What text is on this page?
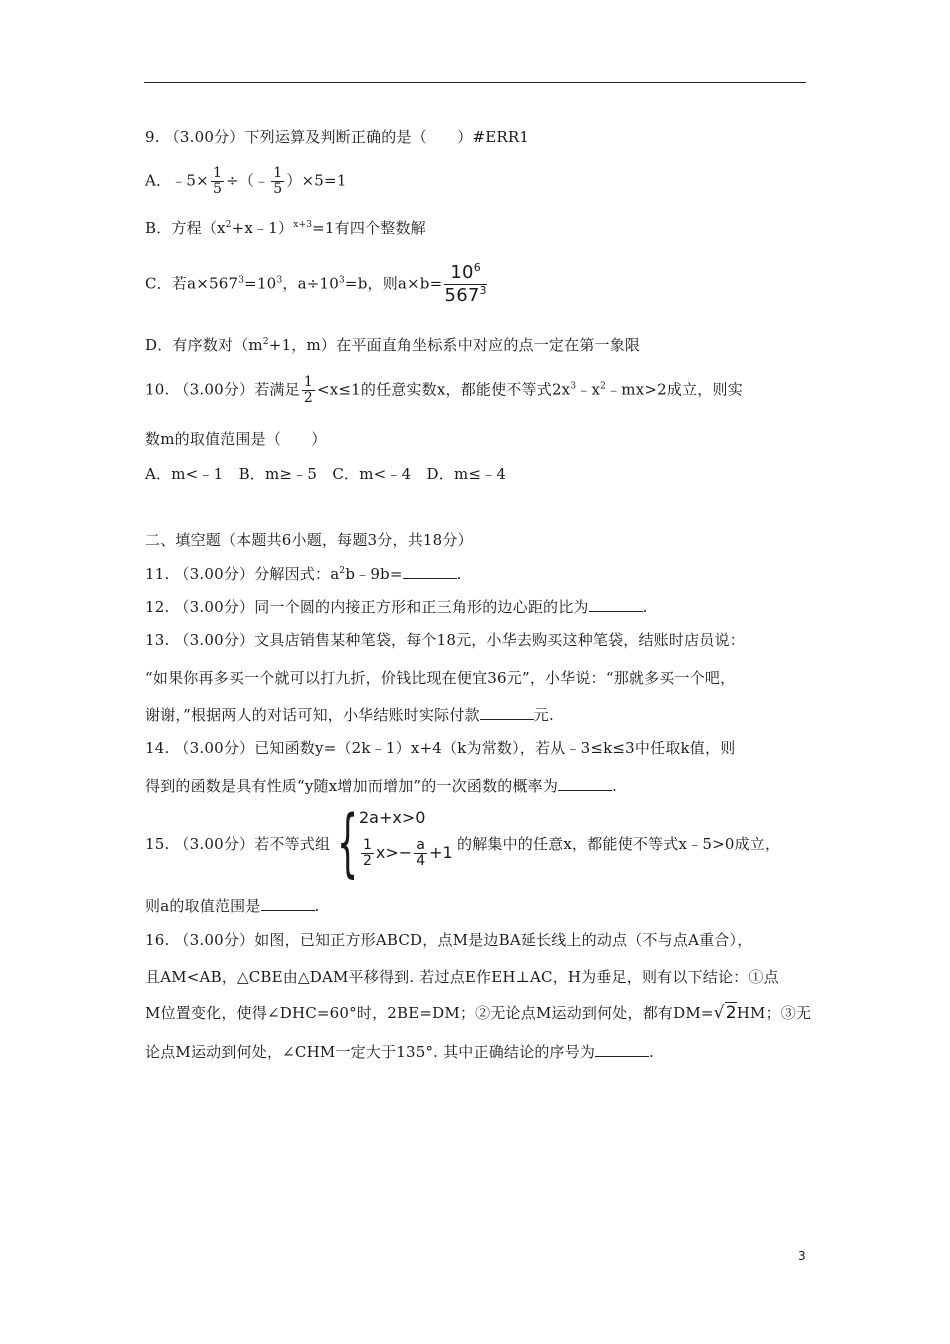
9. （3.00分）下列运算及判断正确的是（　　）#ERR1
A．﹣5× $\frac{1}{5}$ ÷（﹣ $\frac{1}{5} )\times 5=1$
B．方程$(x^2+x﹣1)^{x+3}=1$有四个整数解
C．若$a\times 567^3=10^3$，$a\div 10^3=b$，则$a\times b= \frac{10^6}{567^3}$
D．有序数对（$m^2+1$，m）在平面直角坐标系中对应的点一定在第一象限
10. （3.00分）若满足 $\frac{1}{2} <x\le 1$的任意实数x，都能使不等式$2x^3﹣x^2﹣mx>2$成立，则实
数m的取值范围是（　　）
A．m<﹣1　B．m≥﹣5　C．m<﹣4　D．m≤﹣4
二、填空题（本题共6小题，每题3分，共18分）
11. （3.00分）分解因式：$a^2b﹣9b=$	.
12. （3.00分）同一个圆的内接正方形和正三角形的边心距的比为	.
13. （3.00分）文具店销售某种笔袋，每个18元，小华去购买这种笔袋，结账时店员说：
“如果你再多买一个就可以打九折，价钱比现在便宜36元”，小华说：“那就多买一个吧，
谢谢，”根据两人的对话可知，小华结账时实际付款	元.
14. （3.00分）已知函数y=（2k﹣1）x+4（k为常数），若从﹣3≤k≤3中任取k值，则
得到的函数是具有性质“y随x增加而增加”的一次函数的概率为	.
15. （3.00分）若不等式组 { 2a+x>0
$\frac{1}{2} x>- \frac{a}{4} +1$ 的解集中的任意x，都能使不等式x﹣5>0成立，
则a的取值范围是	.
16. （3.00分）如图，已知正方形ABCD，点M是边BA延长线上的动点（不与点A重合），
且AM<AB，△CBE由△DAM平移得到. 若过点E作EH⊥AC，H为垂足，则有以下结论：①点
M位置变化，使得∠DHC=60°时，2BE=DM；②无论点M运动到何处，都有DM=√2HM；③无
论点M运动到何处，∠CHM一定大于135°. 其中正确结论的序号为	.
3
